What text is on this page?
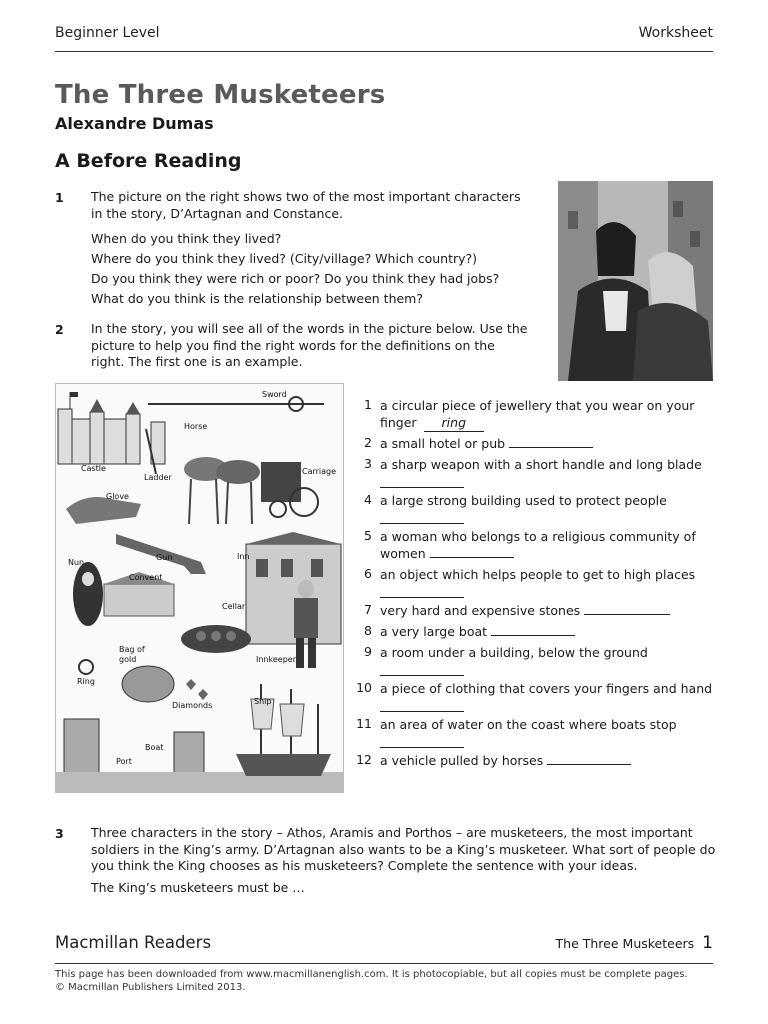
Beginner Level	Worksheet
The Three Musketeers
Alexandre Dumas
A Before Reading
1 The picture on the right shows two of the most important characters in the story, D’Artagnan and Constance.
When do you think they lived?
Where do you think they lived? (City/village? Which country?)
Do you think they were rich or poor? Do you think they had jobs?
What do you think is the relationship between them?
2 In the story, you will see all of the words in the picture below. Use the picture to help you find the right words for the definitions on the right. The first one is an example.
Sword
Horse
Castle
Ladder
Carriage
Glove
Gun	Inn
Nun
Convent
Cellar
Bag of
gold	Innkeeper
Ring
Diamonds	Ship
Boat
Port
1 a circular piece of jewellery that you wear on your
finger ring
2 a small hotel or pub
3 a sharp weapon with a short handle and long blade
4 a large strong building used to protect people
5 a woman who belongs to a religious community of
women
6 an object which helps people to get to high places
7 very hard and expensive stones
8 a very large boat
9 a room under a building, below the ground
10 a piece of clothing that covers your fingers and hand
11 an area of water on the coast where boats stop
12 a vehicle pulled by horses
3 Three characters in the story – Athos, Aramis and Porthos – are musketeers, the most important soldiers in the King’s army. D’Artagnan also wants to be a King’s musketeer. What sort of people do you think the King chooses as his musketeers? Complete the sentence with your ideas.
The King’s musketeers must be …
Macmillan Readers	The Three Musketeers 1
This page has been downloaded from www.macmillanenglish.com. It is photocopiable, but all copies must be complete pages.
© Macmillan Publishers Limited 2013.
